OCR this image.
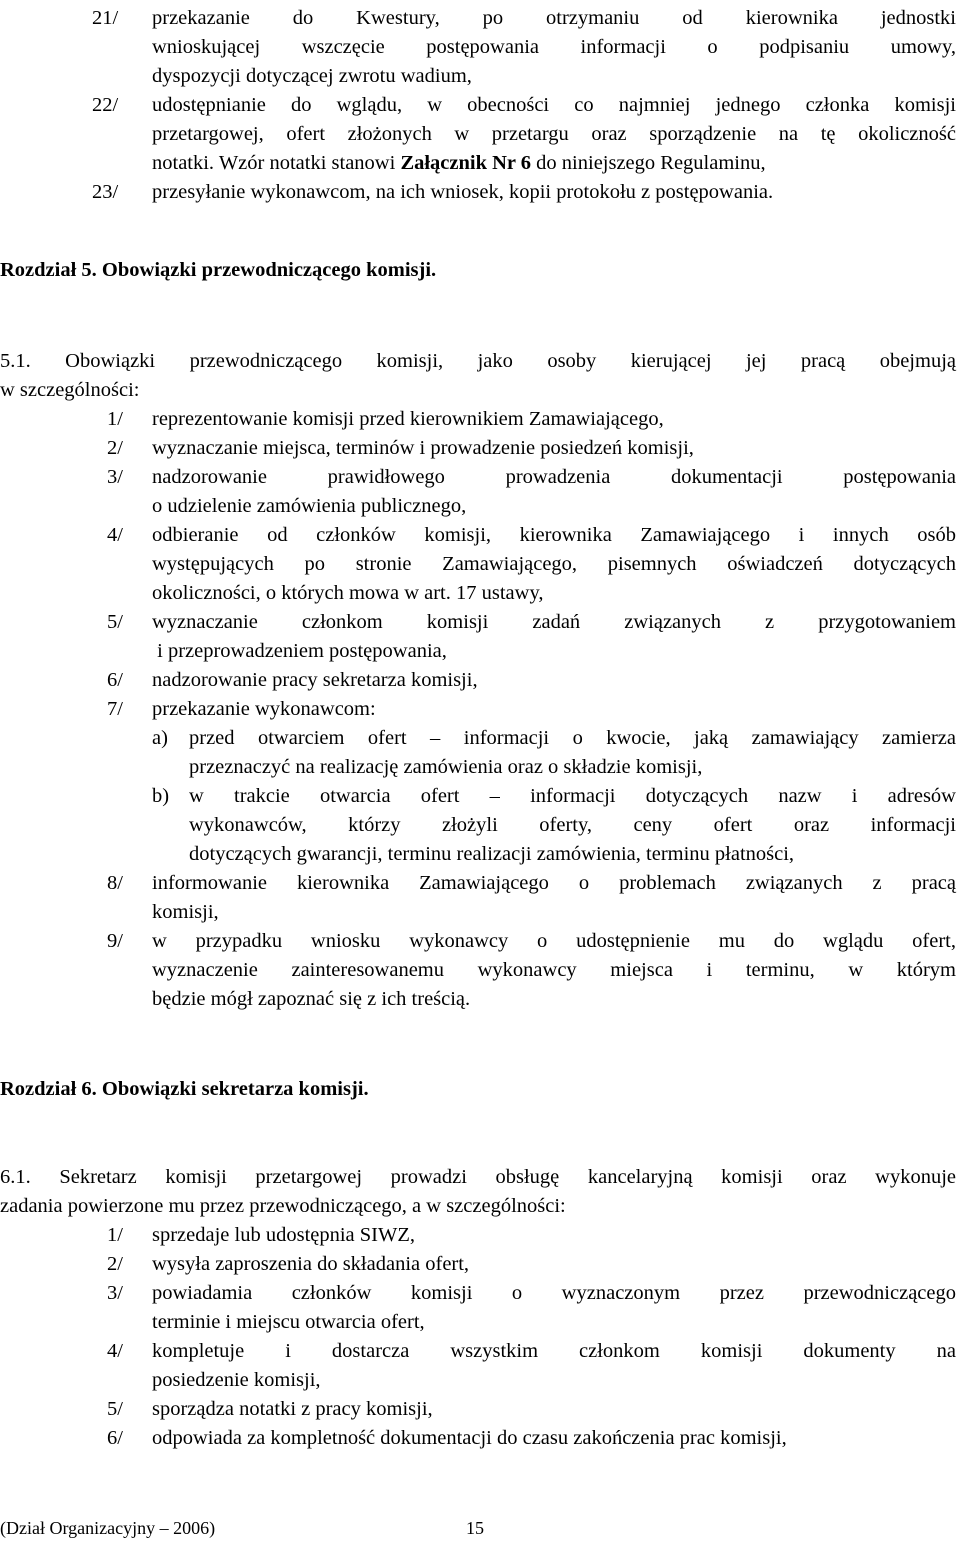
21/ przekazanie do Kwestury, po otrzymaniu od kierownika jednostki
wnioskującej wszczęcie postępowania informacji o podpisaniu umowy,
dyspozycji dotyczącej zwrotu wadium,
22/ udostępnianie do wglądu, w obecności co najmniej jednego członka komisji
przetargowej, ofert złożonych w przetargu oraz sporządzenie na tę okoliczność
notatki. Wzór notatki stanowi Załącznik Nr 6 do niniejszego Regulaminu,
23/ przesyłanie wykonawcom, na ich wniosek, kopii protokołu z postępowania.
Rozdział 5. Obowiązki przewodniczącego komisji.
5.1. Obowiązki przewodniczącego komisji, jako osoby kierującej jej pracą obejmują
w szczególności:
1/ reprezentowanie komisji przed kierownikiem Zamawiającego,
2/ wyznaczanie miejsca, terminów i prowadzenie posiedzeń komisji,
3/ nadzorowanie prawidłowego prowadzenia dokumentacji postępowania
o udzielenie zamówienia publicznego,
4/ odbieranie od członków komisji, kierownika Zamawiającego i innych osób
występujących po stronie Zamawiającego, pisemnych oświadczeń dotyczących
okoliczności, o których mowa w art. 17 ustawy,
5/ wyznaczanie członkom komisji zadań związanych z przygotowaniem
i przeprowadzeniem postępowania,
6/ nadzorowanie pracy sekretarza komisji,
7/ przekazanie wykonawcom:
a) przed otwarciem ofert – informacji o kwocie, jaką zamawiający zamierza
przeznaczyć na realizację zamówienia oraz o składzie komisji,
b) w trakcie otwarcia ofert – informacji dotyczących nazw i adresów
wykonawców, którzy złożyli oferty, ceny ofert oraz informacji
dotyczących gwarancji, terminu realizacji zamówienia, terminu płatności,
8/ informowanie kierownika Zamawiającego o problemach związanych z pracą
komisji,
9/ w przypadku wniosku wykonawcy o udostępnienie mu do wglądu ofert,
wyznaczenie zainteresowanemu wykonawcy miejsca i terminu, w którym
będzie mógł zapoznać się z ich treścią.
Rozdział 6. Obowiązki sekretarza komisji.
6.1. Sekretarz komisji przetargowej prowadzi obsługę kancelaryjną komisji oraz wykonuje
zadania powierzone mu przez przewodniczącego, a w szczególności:
1/ sprzedaje lub udostępnia SIWZ,
2/ wysyła zaproszenia do składania ofert,
3/ powiadamia członków komisji o wyznaczonym przez przewodniczącego
terminie i miejscu otwarcia ofert,
4/ kompletuje i dostarcza wszystkim członkom komisji dokumenty na
posiedzenie komisji,
5/ sporządza notatki z pracy komisji,
6/ odpowiada za kompletność dokumentacji do czasu zakończenia prac komisji,
(Dział Organizacyjny – 2006)	15
